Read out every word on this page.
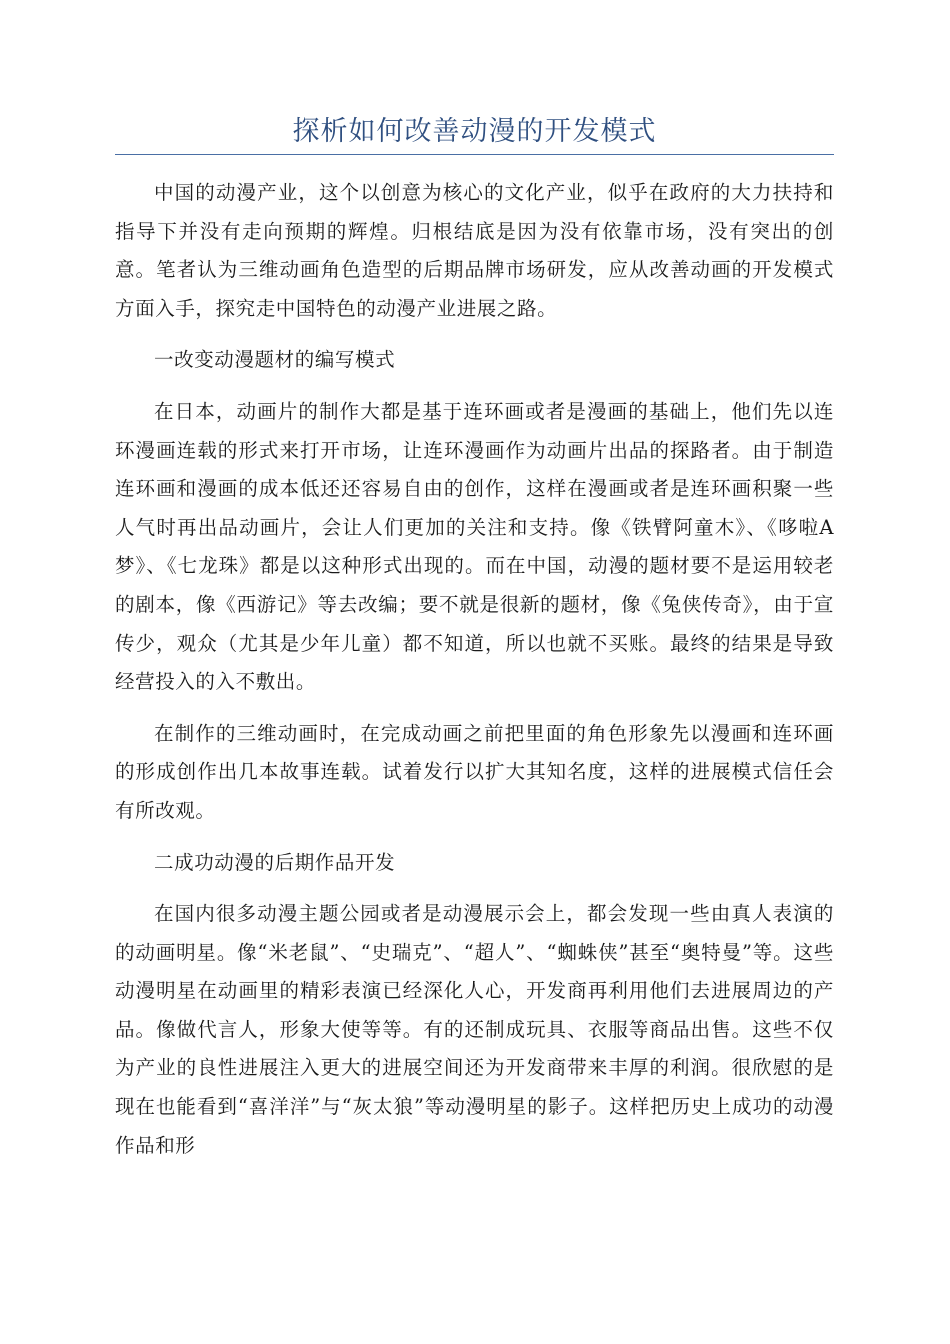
探析如何改善动漫的开发模式

中国的动漫产业，这个以创意为核心的文化产业，似乎在政府的大力扶持和指导下并没有走向预期的辉煌。归根结底是因为没有依靠市场，没有突出的创意。笔者认为三维动画角色造型的后期品牌市场研发，应从改善动画的开发模式方面入手，探究走中国特色的动漫产业进展之路。

一改变动漫题材的编写模式

在日本，动画片的制作大都是基于连环画或者是漫画的基础上，他们先以连环漫画连载的形式来打开市场，让连环漫画作为动画片出品的探路者。由于制造连环画和漫画的成本低还还容易自由的创作，这样在漫画或者是连环画积聚一些人气时再出品动画片，会让人们更加的关注和支持。像《铁臂阿童木》、《哆啦A梦》、《七龙珠》都是以这种形式出现的。而在中国，动漫的题材要不是运用较老的剧本，像《西游记》等去改编；要不就是很新的题材，像《兔侠传奇》，由于宣传少，观众（尤其是少年儿童）都不知道，所以也就不买账。最终的结果是导致经营投入的入不敷出。

在制作的三维动画时，在完成动画之前把里面的角色形象先以漫画和连环画的形成创作出几本故事连载。试着发行以扩大其知名度，这样的进展模式信任会有所改观。

二成功动漫的后期作品开发

在国内很多动漫主题公园或者是动漫展示会上，都会发现一些由真人表演的的动画明星。像“米老鼠”、“史瑞克”、“超人”、“蜘蛛侠”甚至“奥特曼”等。这些动漫明星在动画里的精彩表演已经深化人心，开发商再利用他们去进展周边的产品。像做代言人，形象大使等等。有的还制成玩具、衣服等商品出售。这些不仅为产业的良性进展注入更大的进展空间还为开发商带来丰厚的利润。很欣慰的是现在也能看到“喜洋洋”与“灰太狼”等动漫明星的影子。这样把历史上成功的动漫作品和形
